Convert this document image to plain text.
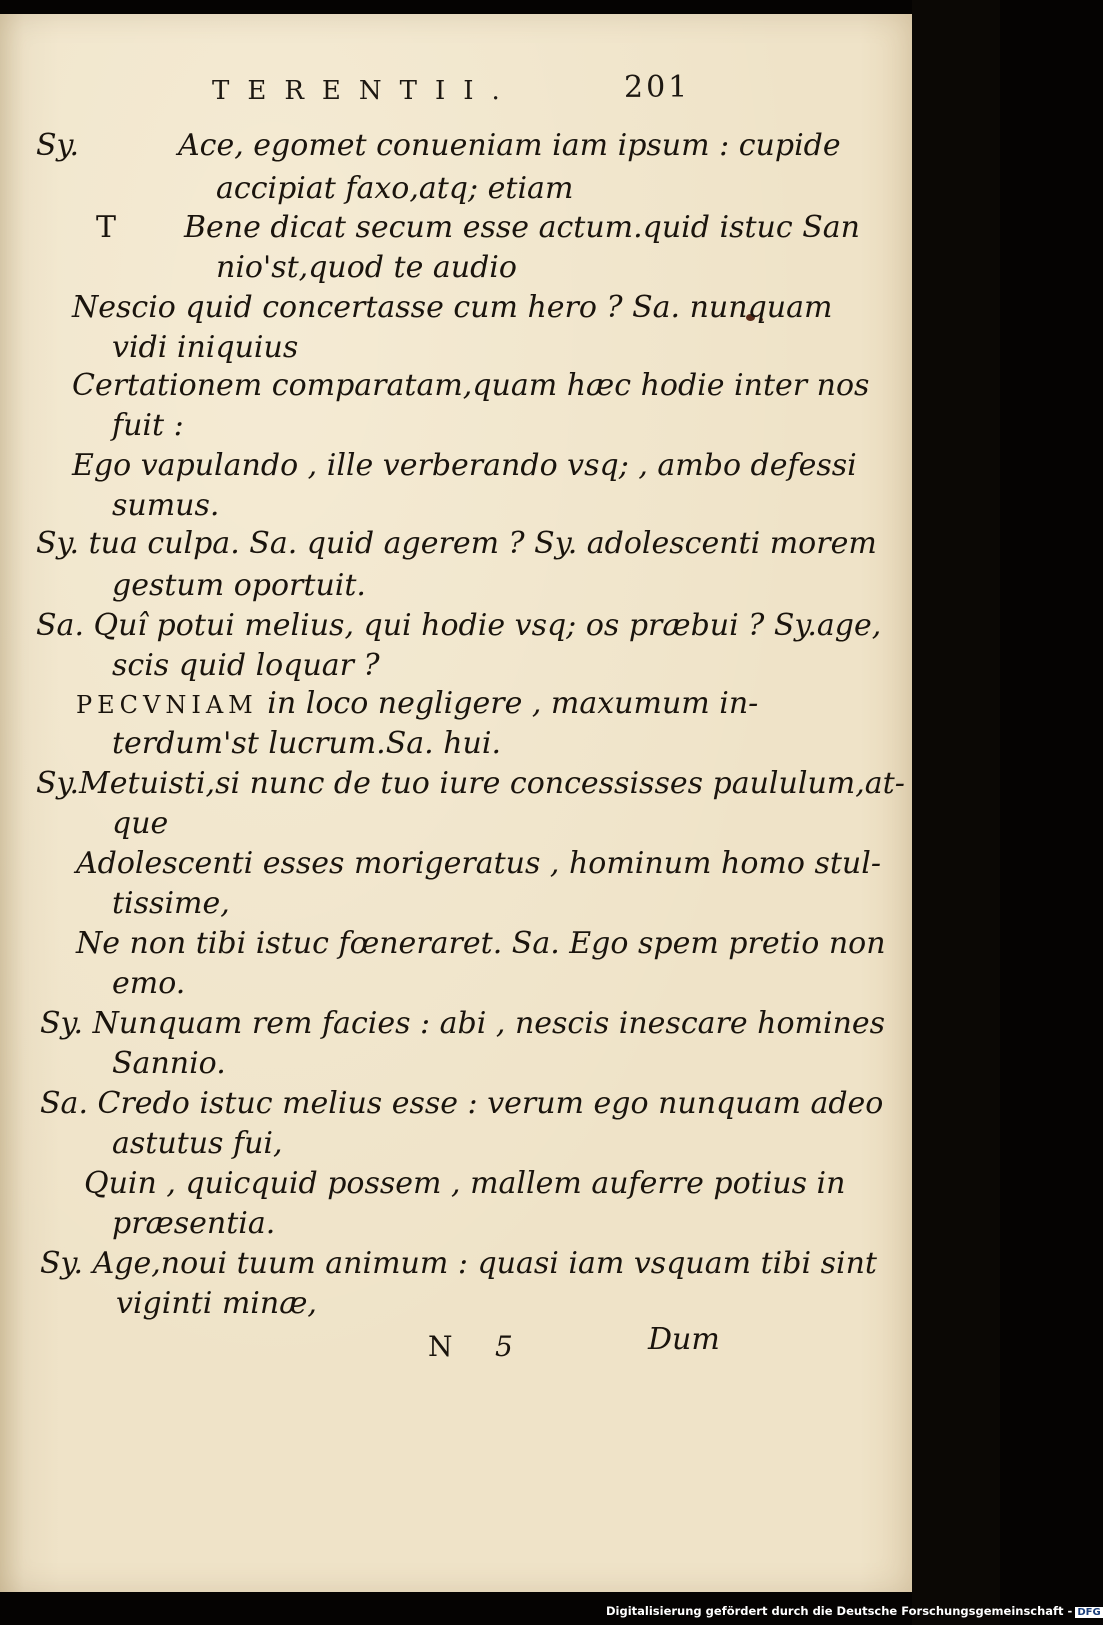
TERENTII.	201
Sy.	Ace, egomet conueniam iam ipsum : cupide
accipiat faxo,atq; etiam
T Bene dicat secum esse actum.quid istuc San
nio'st,quod te audio
Nescio quid concertasse cum hero ? Sa. nunquam
vidi iniquius
Certationem comparatam,quam hæc hodie inter nos
fuit :
Ego vapulando , ille verberando vsq; , ambo defessi
sumus.
Sy. tua culpa. Sa. quid agerem ? Sy. adolescenti morem
gestum oportuit.
Sa. Quî potui melius, qui hodie vsq; os præbui ? Sy.age,
scis quid loquar ?
PECVNIAM in loco negligere , maxumum in-
terdum'st lucrum.Sa. hui.
Sy.Metuisti,si nunc de tuo iure concessisses paululum,at-
que
Adolescenti esses morigeratus , hominum homo stul-
tissime,
Ne non tibi istuc fœneraret. Sa. Ego spem pretio non
emo.
Sy. Nunquam rem facies : abi , nescis inescare homines
Sannio.
Sa. Credo istuc melius esse : verum ego nunquam adeo
astutus fui,
Quin , quicquid possem , mallem auferre potius in
præsentia.
Sy. Age,noui tuum animum : quasi iam vsquam tibi sint
viginti minæ,
N 5	Dum
Digitalisierung gefördert durch die Deutsche Forschungsgemeinschaft - DFG
